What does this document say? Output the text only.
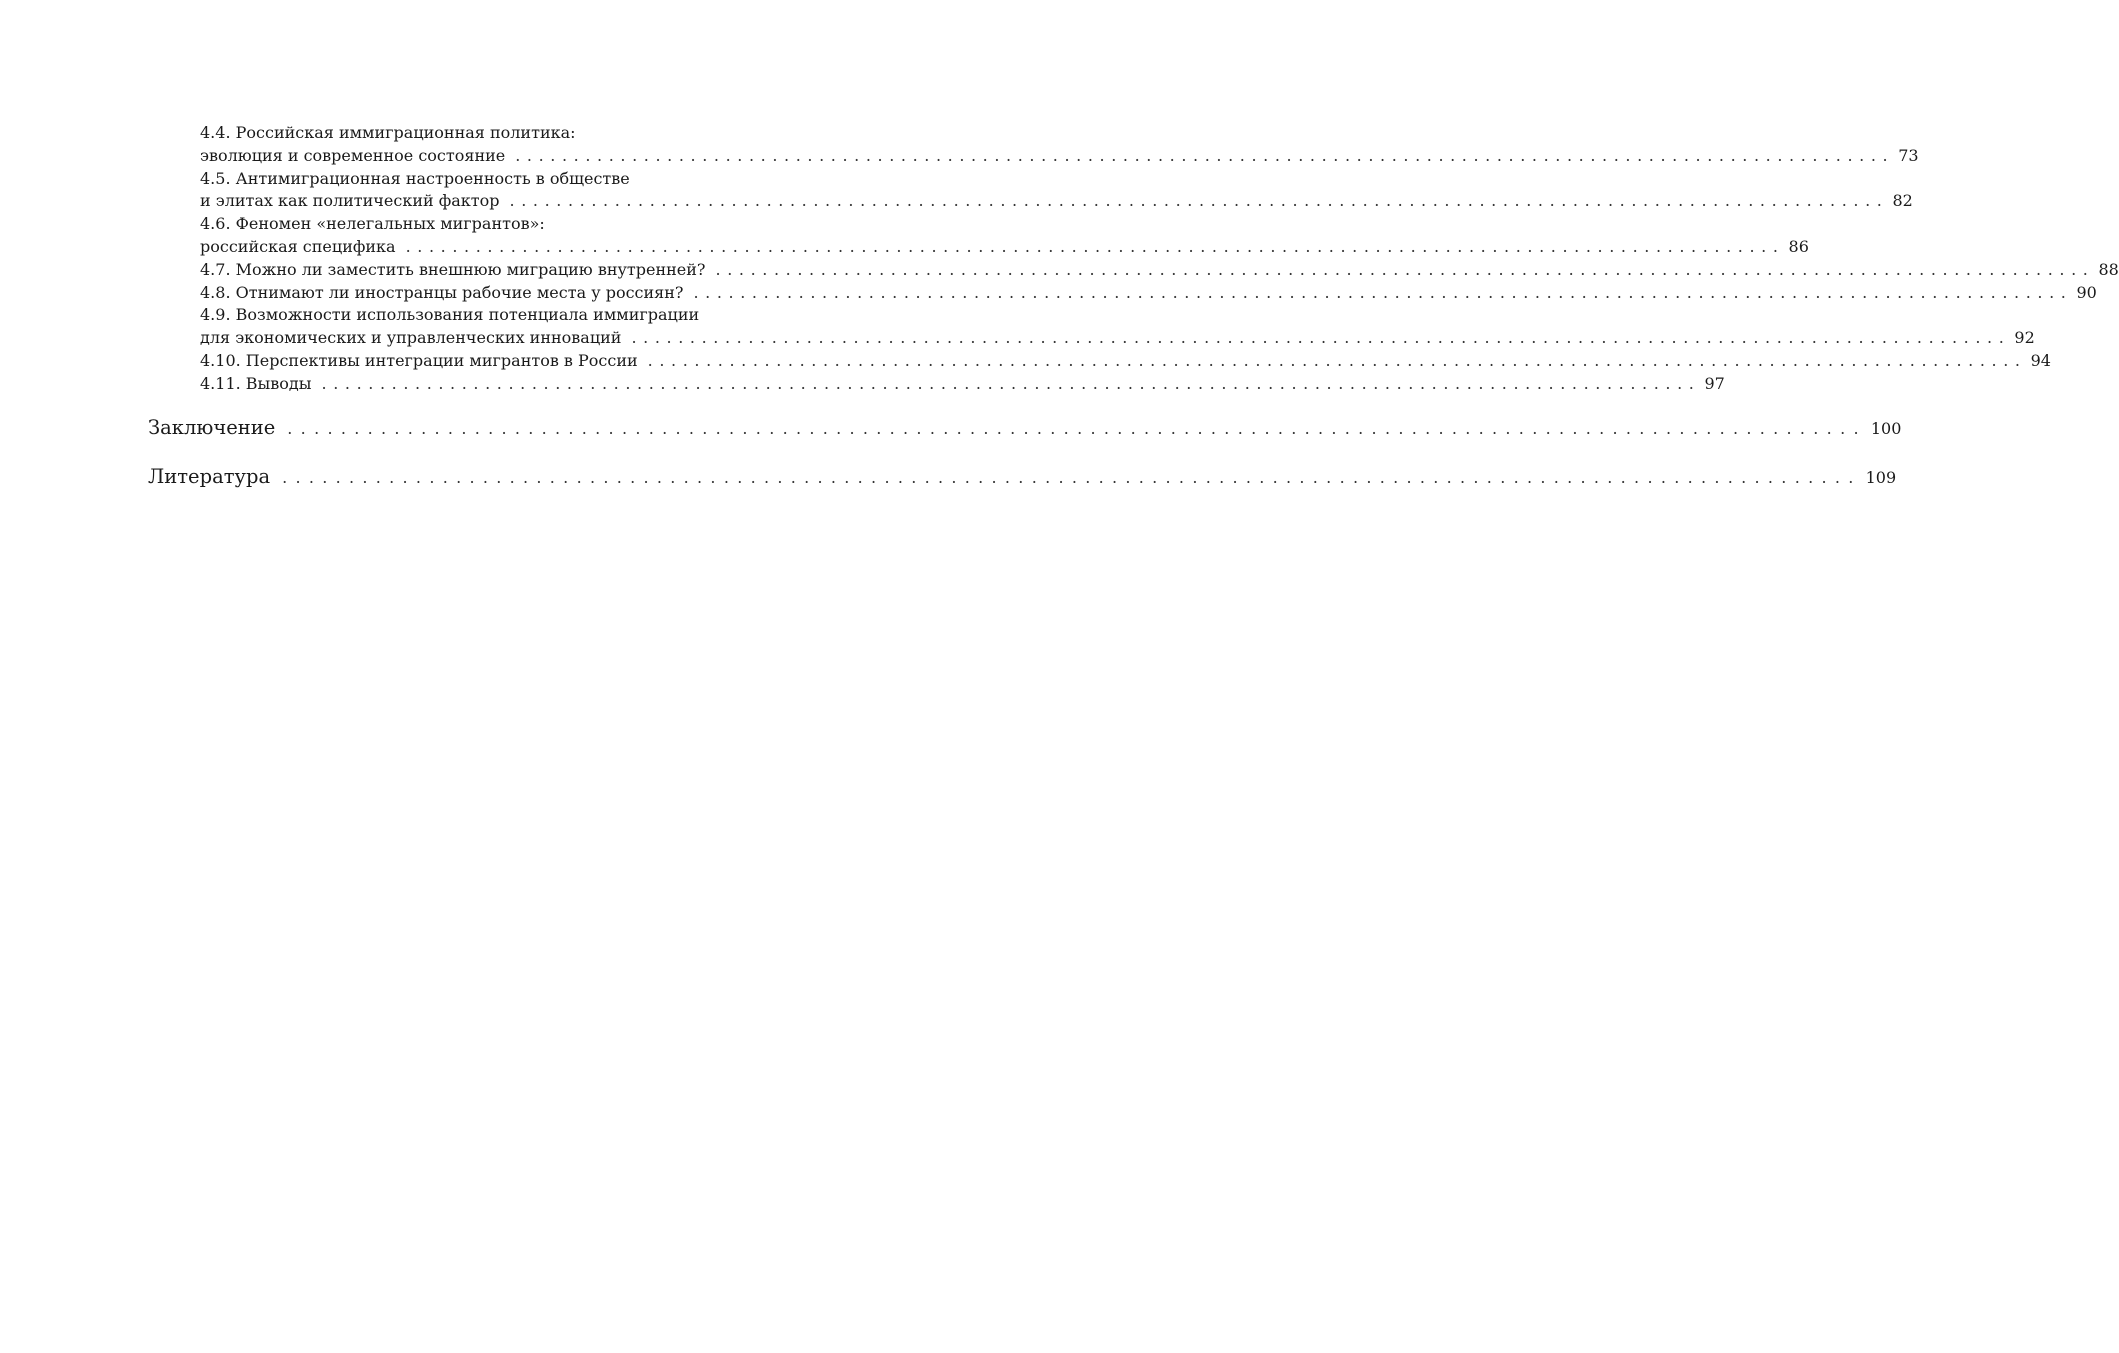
4.4. Российская иммиграционная политика:
эволюция и современное состояние ...................................................................................................................... 73
4.5. Антимиграционная настроенность в обществе
и элитах как политический фактор ...................................................................................................................... 82
4.6. Феномен «нелегальных мигрантов»:
российская специфика ...................................................................................................................... 86
4.7. Можно ли заместить внешнюю миграцию внутренней? ...................................................................................................................... 88
4.8. Отнимают ли иностранцы рабочие места у россиян? ...................................................................................................................... 90
4.9. Возможности использования потенциала иммиграции
для экономических и управленческих инноваций ...................................................................................................................... 92
4.10. Перспективы интеграции мигрантов в России ...................................................................................................................... 94
4.11. Выводы ...................................................................................................................... 97
Заключение ...................................................................................................................... 100
Литература ...................................................................................................................... 109
